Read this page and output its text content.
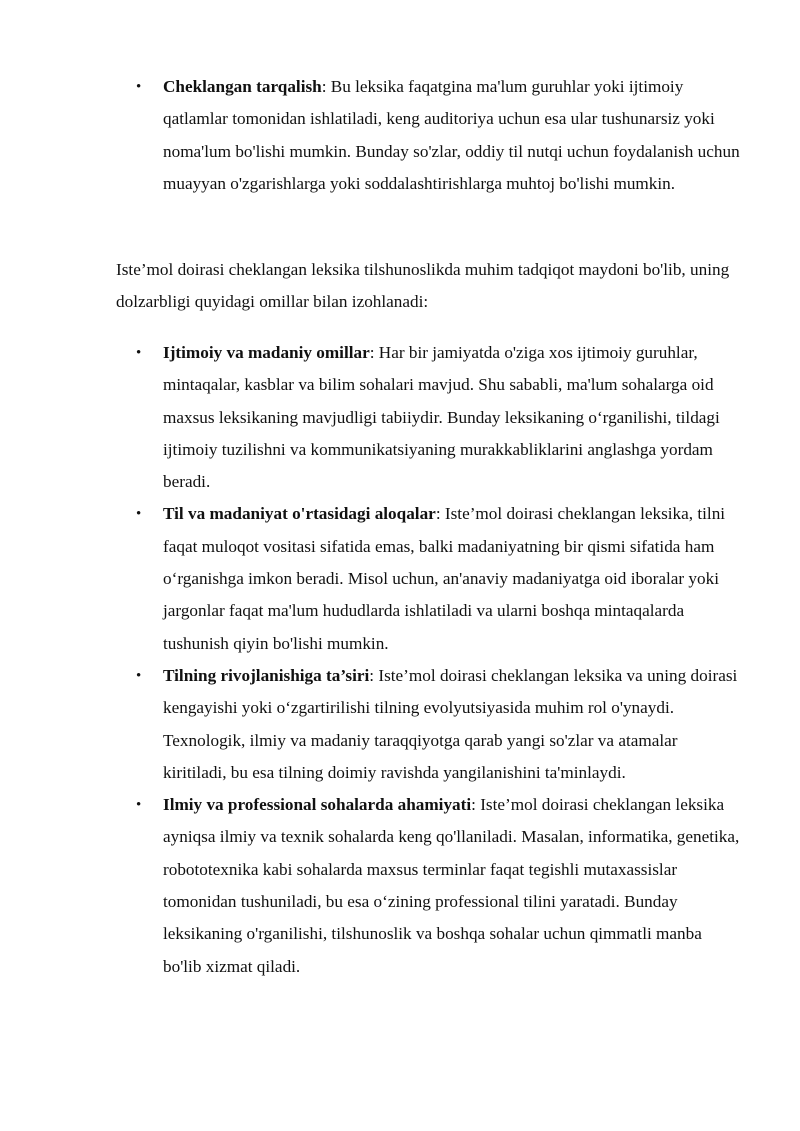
• Cheklangan tarqalish: Bu leksika faqatgina ma'lum guruhlar yoki ijtimoiy qatlamlar tomonidan ishlatiladi, keng auditoriya uchun esa ular tushunarsiz yoki noma'lum bo'lishi mumkin. Bunday so'zlar, oddiy til nutqi uchun foydalanish uchun muayyan o'zgarishlarga yoki soddalashtirishlarga muhtoj bo'lishi mumkin.

Iste’mol doirasi cheklangan leksika tilshunoslikda muhim tadqiqot maydoni bo'lib, uning dolzarbligi quyidagi omillar bilan izohlanadi:

• Ijtimoiy va madaniy omillar: Har bir jamiyatda o'ziga xos ijtimoiy guruhlar, mintaqalar, kasblar va bilim sohalari mavjud. Shu sababli, ma'lum sohalarga oid maxsus leksikaning mavjudligi tabiiydir. Bunday leksikaning o‘rganilishi, tildagi ijtimoiy tuzilishni va kommunikatsiyaning murakkabliklarini anglashga yordam beradi.
• Til va madaniyat o'rtasidagi aloqalar: Iste’mol doirasi cheklangan leksika, tilni faqat muloqot vositasi sifatida emas, balki madaniyatning bir qismi sifatida ham o‘rganishga imkon beradi. Misol uchun, an'anaviy madaniyatga oid iboralar yoki jargonlar faqat ma'lum hududlarda ishlatiladi va ularni boshqa mintaqalarda tushunish qiyin bo'lishi mumkin.
• Tilning rivojlanishiga ta’siri: Iste’mol doirasi cheklangan leksika va uning doirasi kengayishi yoki o‘zgartirilishi tilning evolyutsiyasida muhim rol o'ynaydi. Texnologik, ilmiy va madaniy taraqqiyotga qarab yangi so'zlar va atamalar kiritiladi, bu esa tilning doimiy ravishda yangilanishini ta'minlaydi.
• Ilmiy va professional sohalarda ahamiyati: Iste’mol doirasi cheklangan leksika ayniqsa ilmiy va texnik sohalarda keng qo'llaniladi. Masalan, informatika, genetika, robototexnika kabi sohalarda maxsus terminlar faqat tegishli mutaxassislar tomonidan tushuniladi, bu esa o‘zining professional tilini yaratadi. Bunday leksikaning o'rganilishi, tilshunoslik va boshqa sohalar uchun qimmatli manba bo'lib xizmat qiladi.
